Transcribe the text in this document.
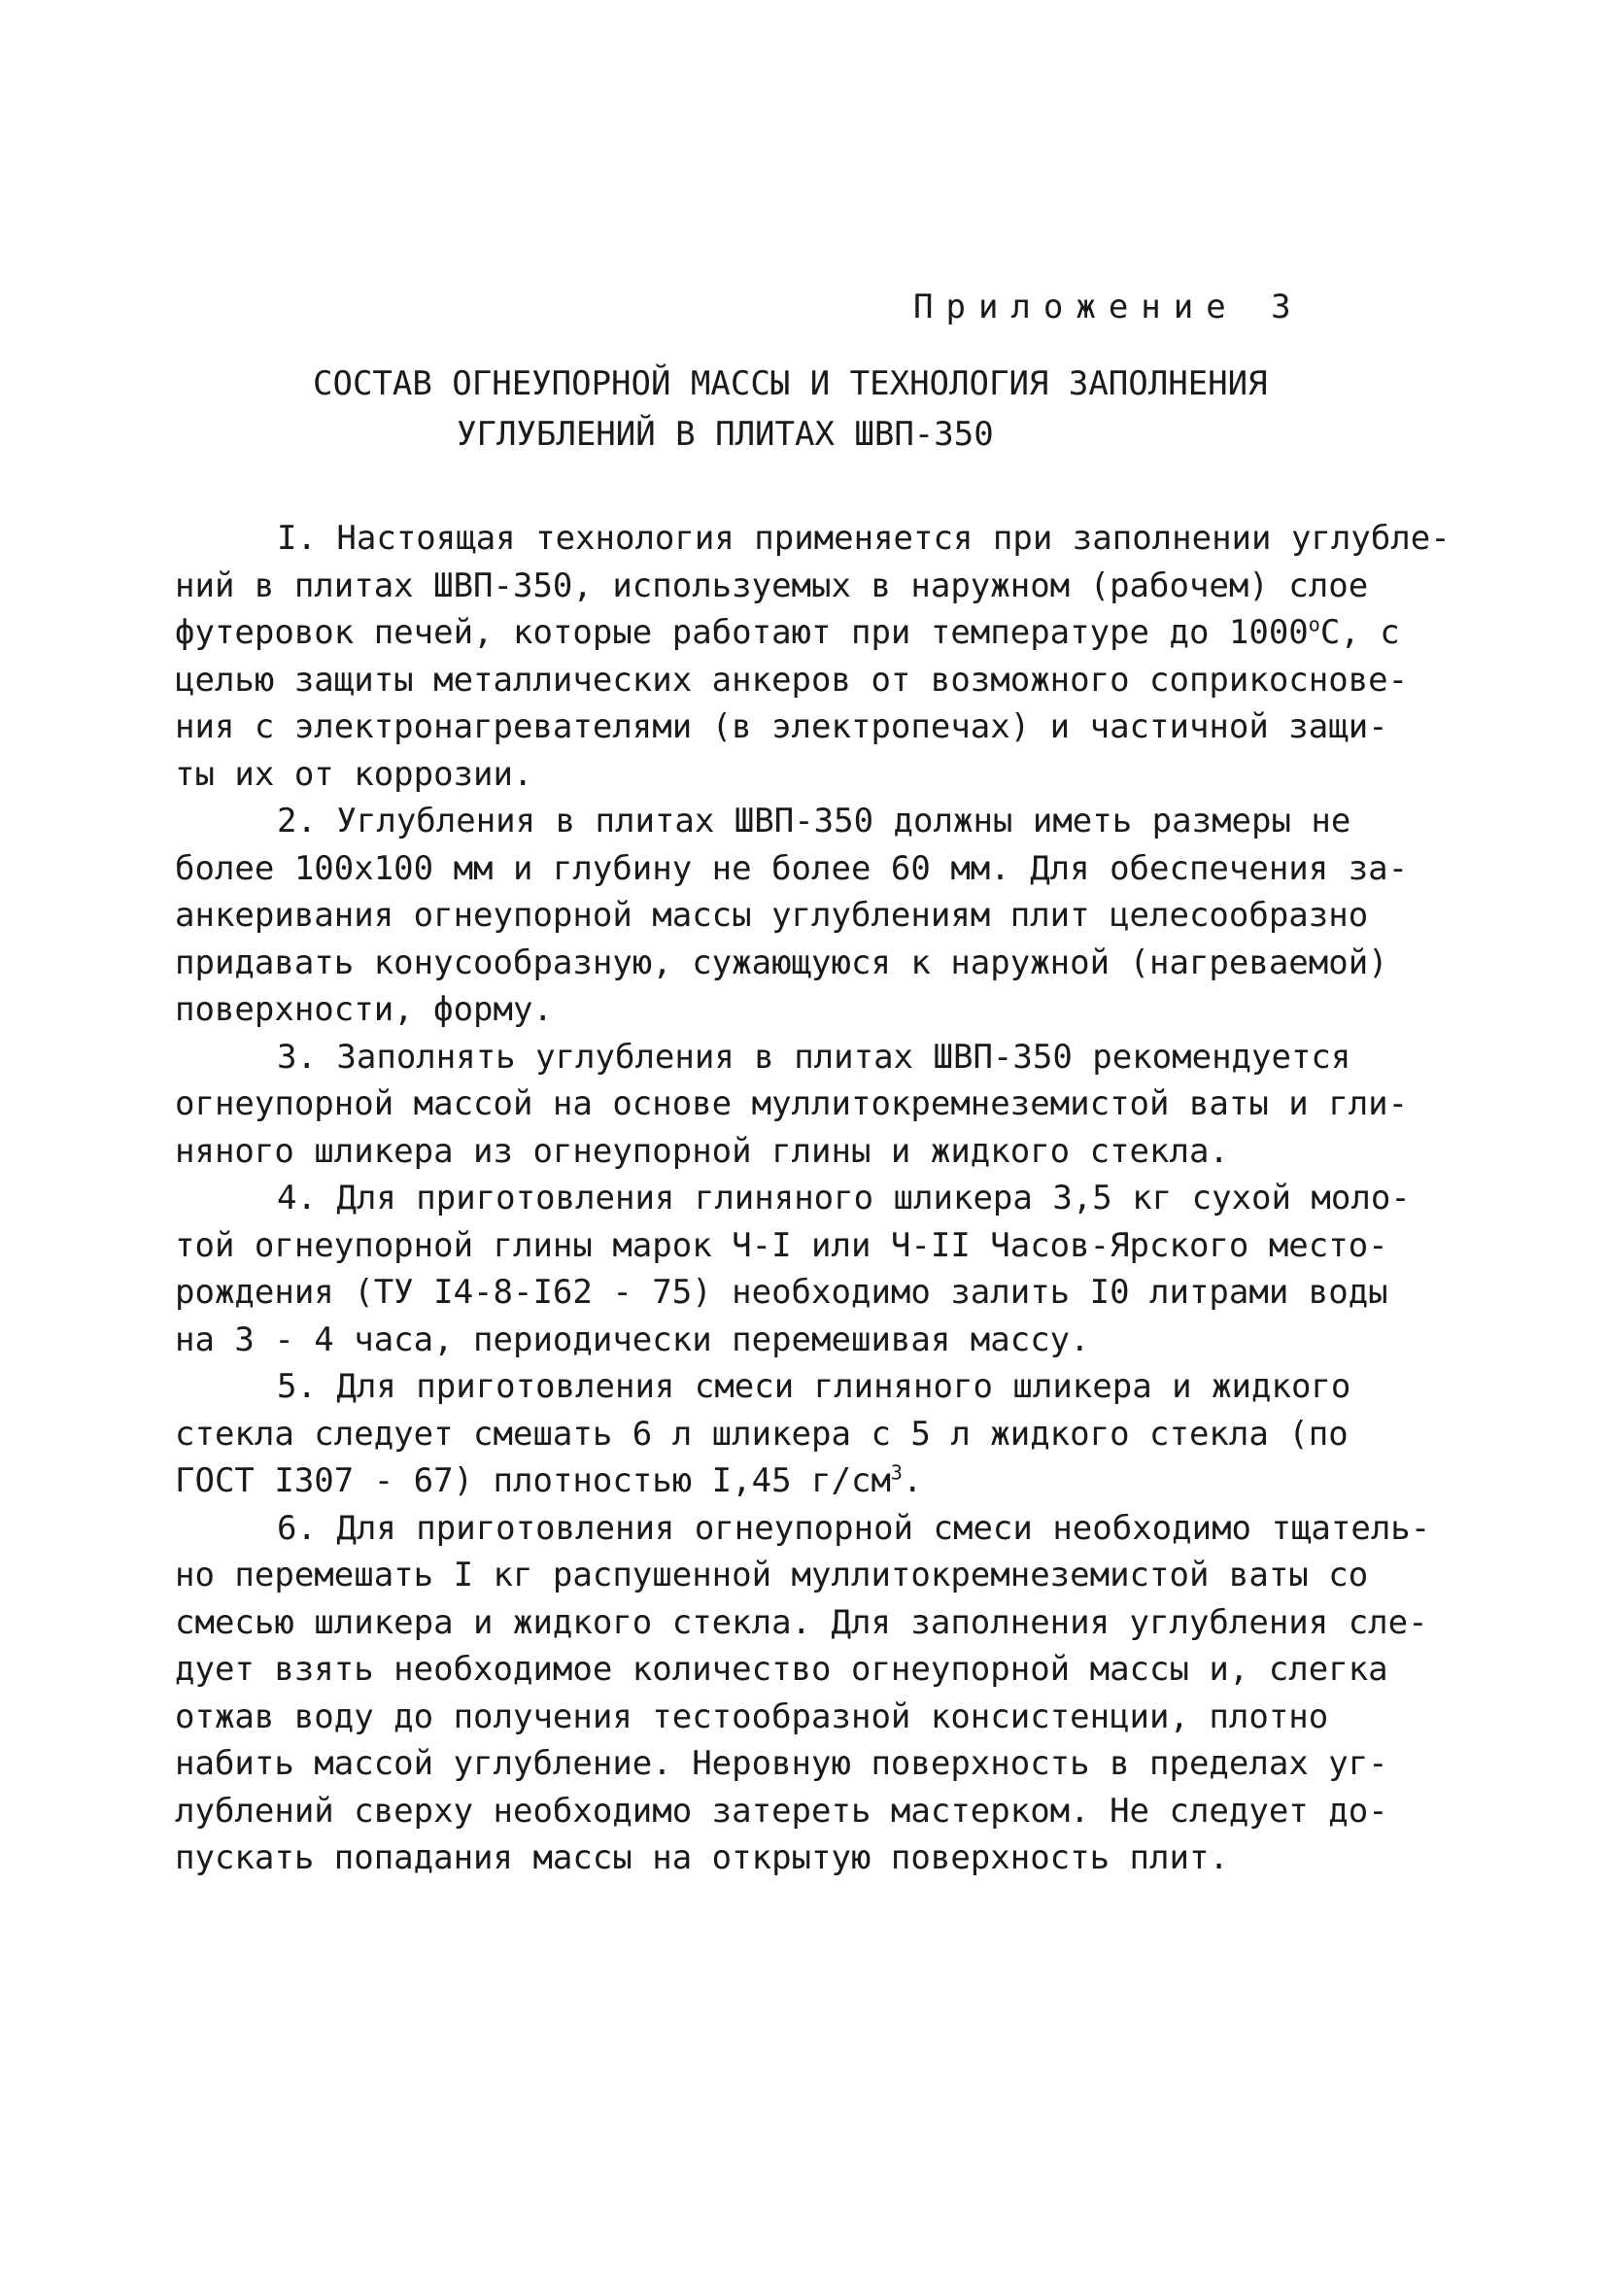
Приложение 3
СОСТАВ ОГНЕУПОРНОЙ МАССЫ И ТЕХНОЛОГИЯ ЗАПОЛНЕНИЯ
УГЛУБЛЕНИЙ В ПЛИТАХ ШВП-350

I. Настоящая технология применяется при заполнении углубле-
ний в плитах ШВП-350, используемых в наружном (рабочем) слое
футеровок печей, которые работают при температуре до $1000^оС$, с
целью защиты металлических анкеров от возможного соприкоснове-
ния с электронагревателями (в электропечах) и частичной защи-
ты их от коррозии.

2. Углубления в плитах ШВП-350 должны иметь размеры не
более 100х100 мм и глубину не более 60 мм. Для обеспечения за-
анкеривания огнеупорной массы углублениям плит целесообразно
придавать конусообразную, сужающуюся к наружной (нагреваемой)
поверхности, форму.

3. Заполнять углубления в плитах ШВП-350 рекомендуется
огнеупорной массой на основе муллитокремнеземистой ваты и гли-
няного шликера из огнеупорной глины и жидкого стекла.

4. Для приготовления глиняного шликера 3,5 кг сухой моло-
той огнеупорной глины марок Ч-I или Ч-II Часов-Ярского место-
рождения (ТУ I4-8-I62 - 75) необходимо залить I0 литрами воды
на 3 - 4 часа, периодически перемешивая массу.

5. Для приготовления смеси глиняного шликера и жидкого
стекла следует смешать 6 л шликера с 5 л жидкого стекла (по
ГОСТ I307 - 67) плотностью I,45 $г/см^3$.

6. Для приготовления огнеупорной смеси необходимо тщатель-
но перемешать I кг распушенной муллитокремнеземистой ваты со
смесью шликера и жидкого стекла. Для заполнения углубления сле-
дует взять необходимое количество огнеупорной массы и, слегка
отжав воду до получения тестообразной консистенции, плотно
набить массой углубление. Неровную поверхность в пределах уг-
лублений сверху необходимо затереть мастерком. Не следует до-
пускать попадания массы на открытую поверхность плит.
